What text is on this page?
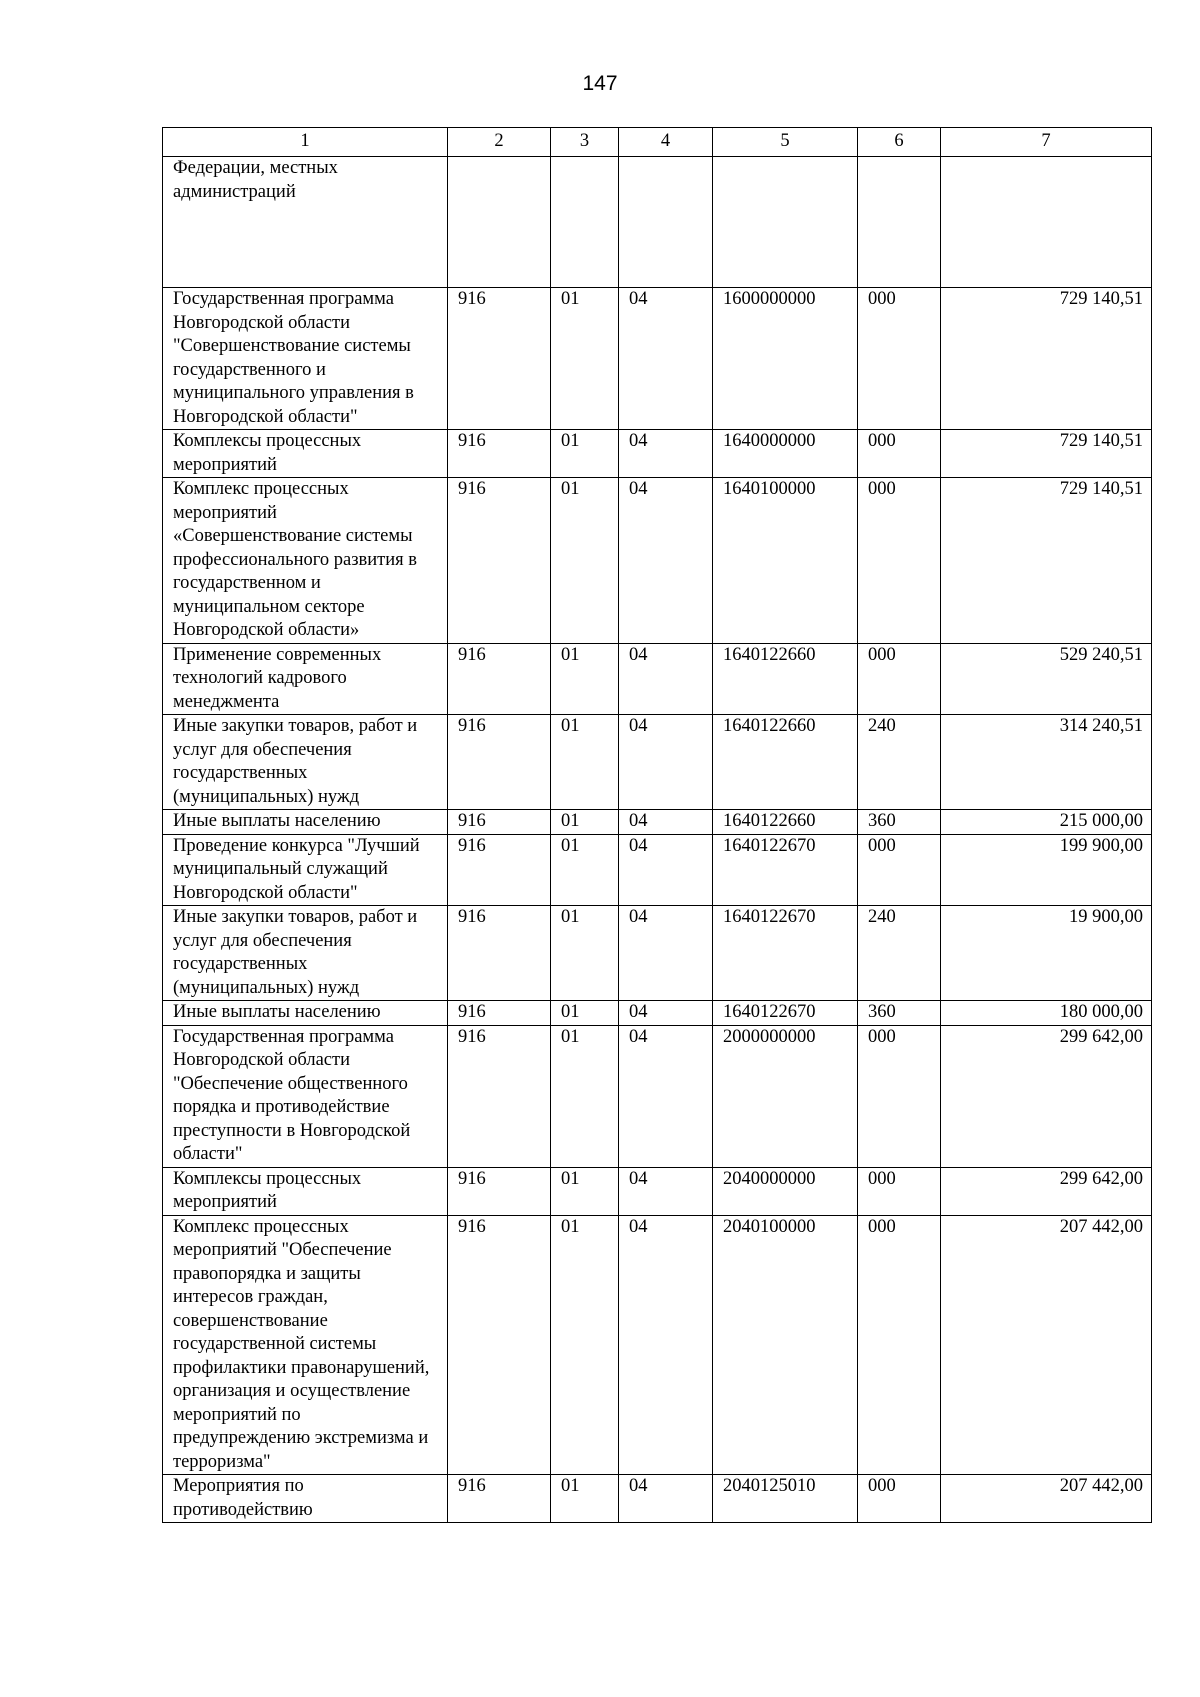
147
1	2	3	4	5	6	7
Федерации, местных администраций						
Государственная программа Новгородской области "Совершенствование системы государственного и муниципального управления в Новгородской области"	916	01	04	1600000000	000	729 140,51
Комплексы процессных мероприятий	916	01	04	1640000000	000	729 140,51
Комплекс процессных мероприятий «Совершенствование системы профессионального развития в государственном и муниципальном секторе Новгородской области»	916	01	04	1640100000	000	729 140,51
Применение современных технологий кадрового менеджмента	916	01	04	1640122660	000	529 240,51
Иные закупки товаров, работ и услуг для обеспечения государственных (муниципальных) нужд	916	01	04	1640122660	240	314 240,51
Иные выплаты населению	916	01	04	1640122660	360	215 000,00
Проведение конкурса "Лучший муниципальный служащий Новгородской области"	916	01	04	1640122670	000	199 900,00
Иные закупки товаров, работ и услуг для обеспечения государственных (муниципальных) нужд	916	01	04	1640122670	240	19 900,00
Иные выплаты населению	916	01	04	1640122670	360	180 000,00
Государственная программа Новгородской области "Обеспечение общественного порядка и противодействие преступности в Новгородской области"	916	01	04	2000000000	000	299 642,00
Комплексы процессных мероприятий	916	01	04	2040000000	000	299 642,00
Комплекс процессных мероприятий "Обеспечение правопорядка и защиты интересов граждан, совершенствование государственной системы профилактики правонарушений, организация и осуществление мероприятий по предупреждению экстремизма и терроризма"	916	01	04	2040100000	000	207 442,00
Мероприятия по противодействию	916	01	04	2040125010	000	207 442,00
